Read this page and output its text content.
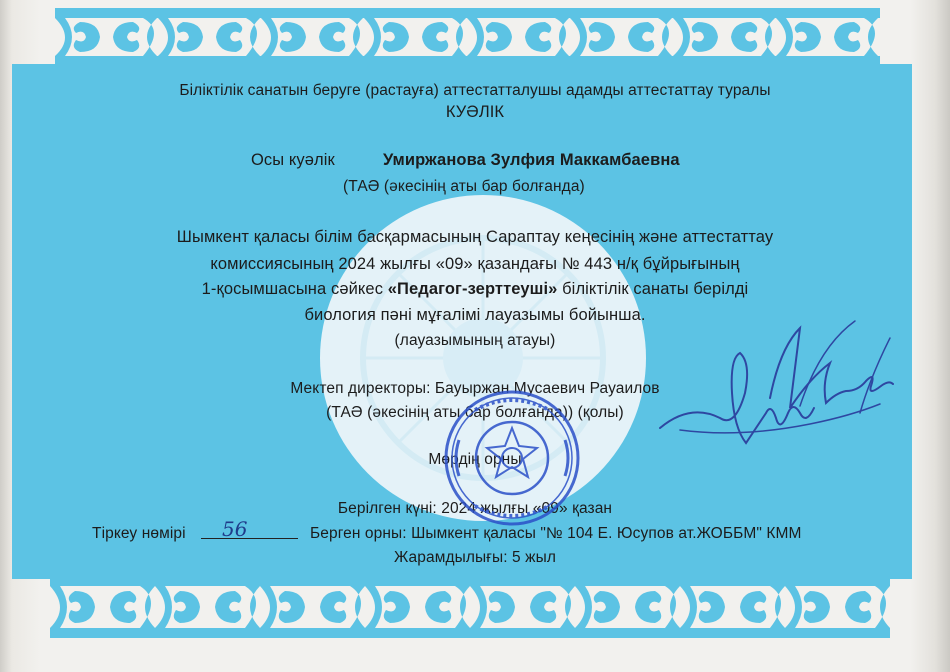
Біліктілік санатын беруге (растауға) аттестатталушы адамды аттестаттау туралы
КУӘЛІК
Осы куәлік	Умиржанова Зулфия Маккамбаевна
(ТАӘ (әкесінің аты бар болғанда)
Шымкент қаласы білім басқармасының Сараптау кеңесінің және аттестаттау
комиссиясының 2024 жылғы «09» қазандағы № 443 н/қ бұйрығының
1-қосымшасына сәйкес «Педагог-зерттеуші» біліктілік санаты берілді
биология пәні мұғалімі лауазымы бойынша.
(лауазымының атауы)
Мектеп директоры: Бауыржан Мусаевич Рауаилов
(ТАӘ (әкесінің аты бар болғанда)) (қолы)
Мөрдің орны
Берілген күні: 2024 жылғы «09» қазан
Тіркеу нөмірі 56	Берген орны: Шымкент қаласы "№ 104 Е. Юсупов ат.ЖОББМ" КММ
Жарамдылығы: 5 жыл
